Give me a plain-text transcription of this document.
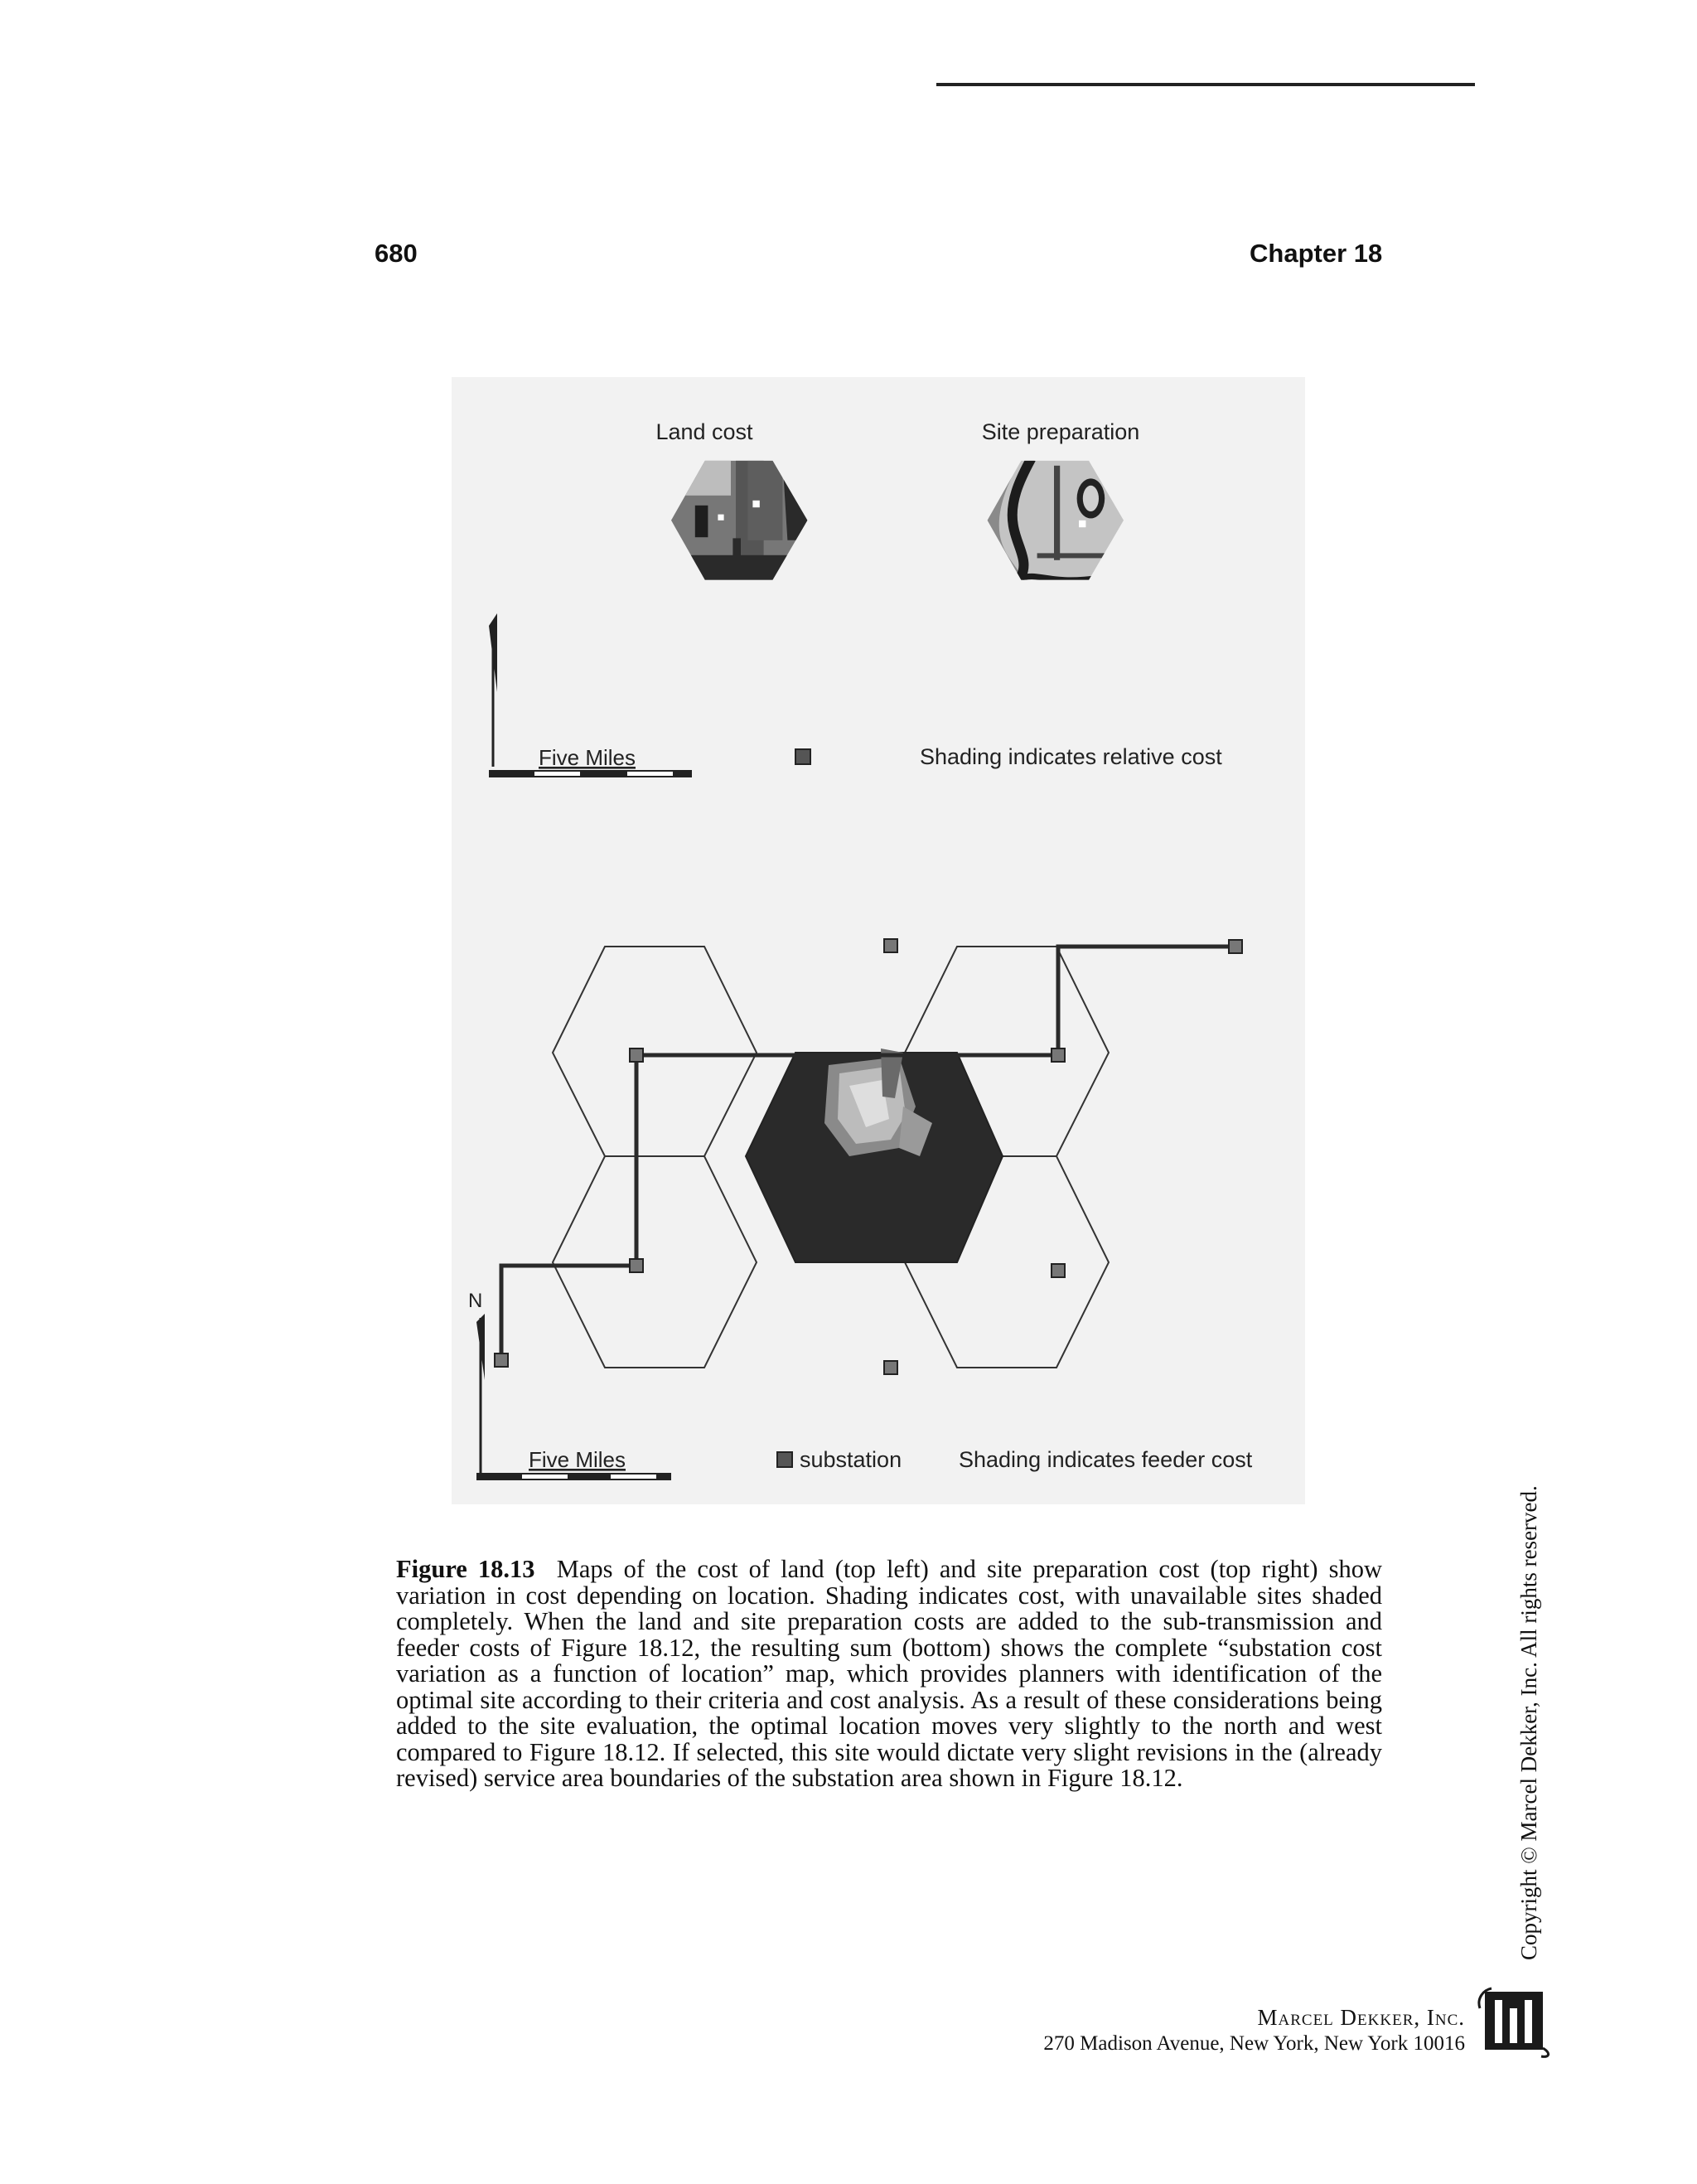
680	Chapter 18
Land cost	Site preparation
Five Miles	Shading indicates relative cost
N
Five Miles	substation	Shading indicates feeder cost

Figure 18.13 Maps of the cost of land (top left) and site preparation cost (top right) show variation in cost depending on location. Shading indicates cost, with unavailable sites shaded completely. When the land and site preparation costs are added to the sub-transmission and feeder costs of Figure 18.12, the resulting sum (bottom) shows the complete “substation cost variation as a function of location” map, which provides planners with identification of the optimal site according to their criteria and cost analysis. As a result of these considerations being added to the site evaluation, the optimal location moves very slightly to the north and west compared to Figure 18.12. If selected, this site would dictate very slight revisions in the (already revised) service area boundaries of the substation area shown in Figure 18.12.	Copyright © Marcel Dekker, Inc. All rights reserved.
Marcel Dekker, Inc.
270 Madison Avenue, New York, New York 10016
